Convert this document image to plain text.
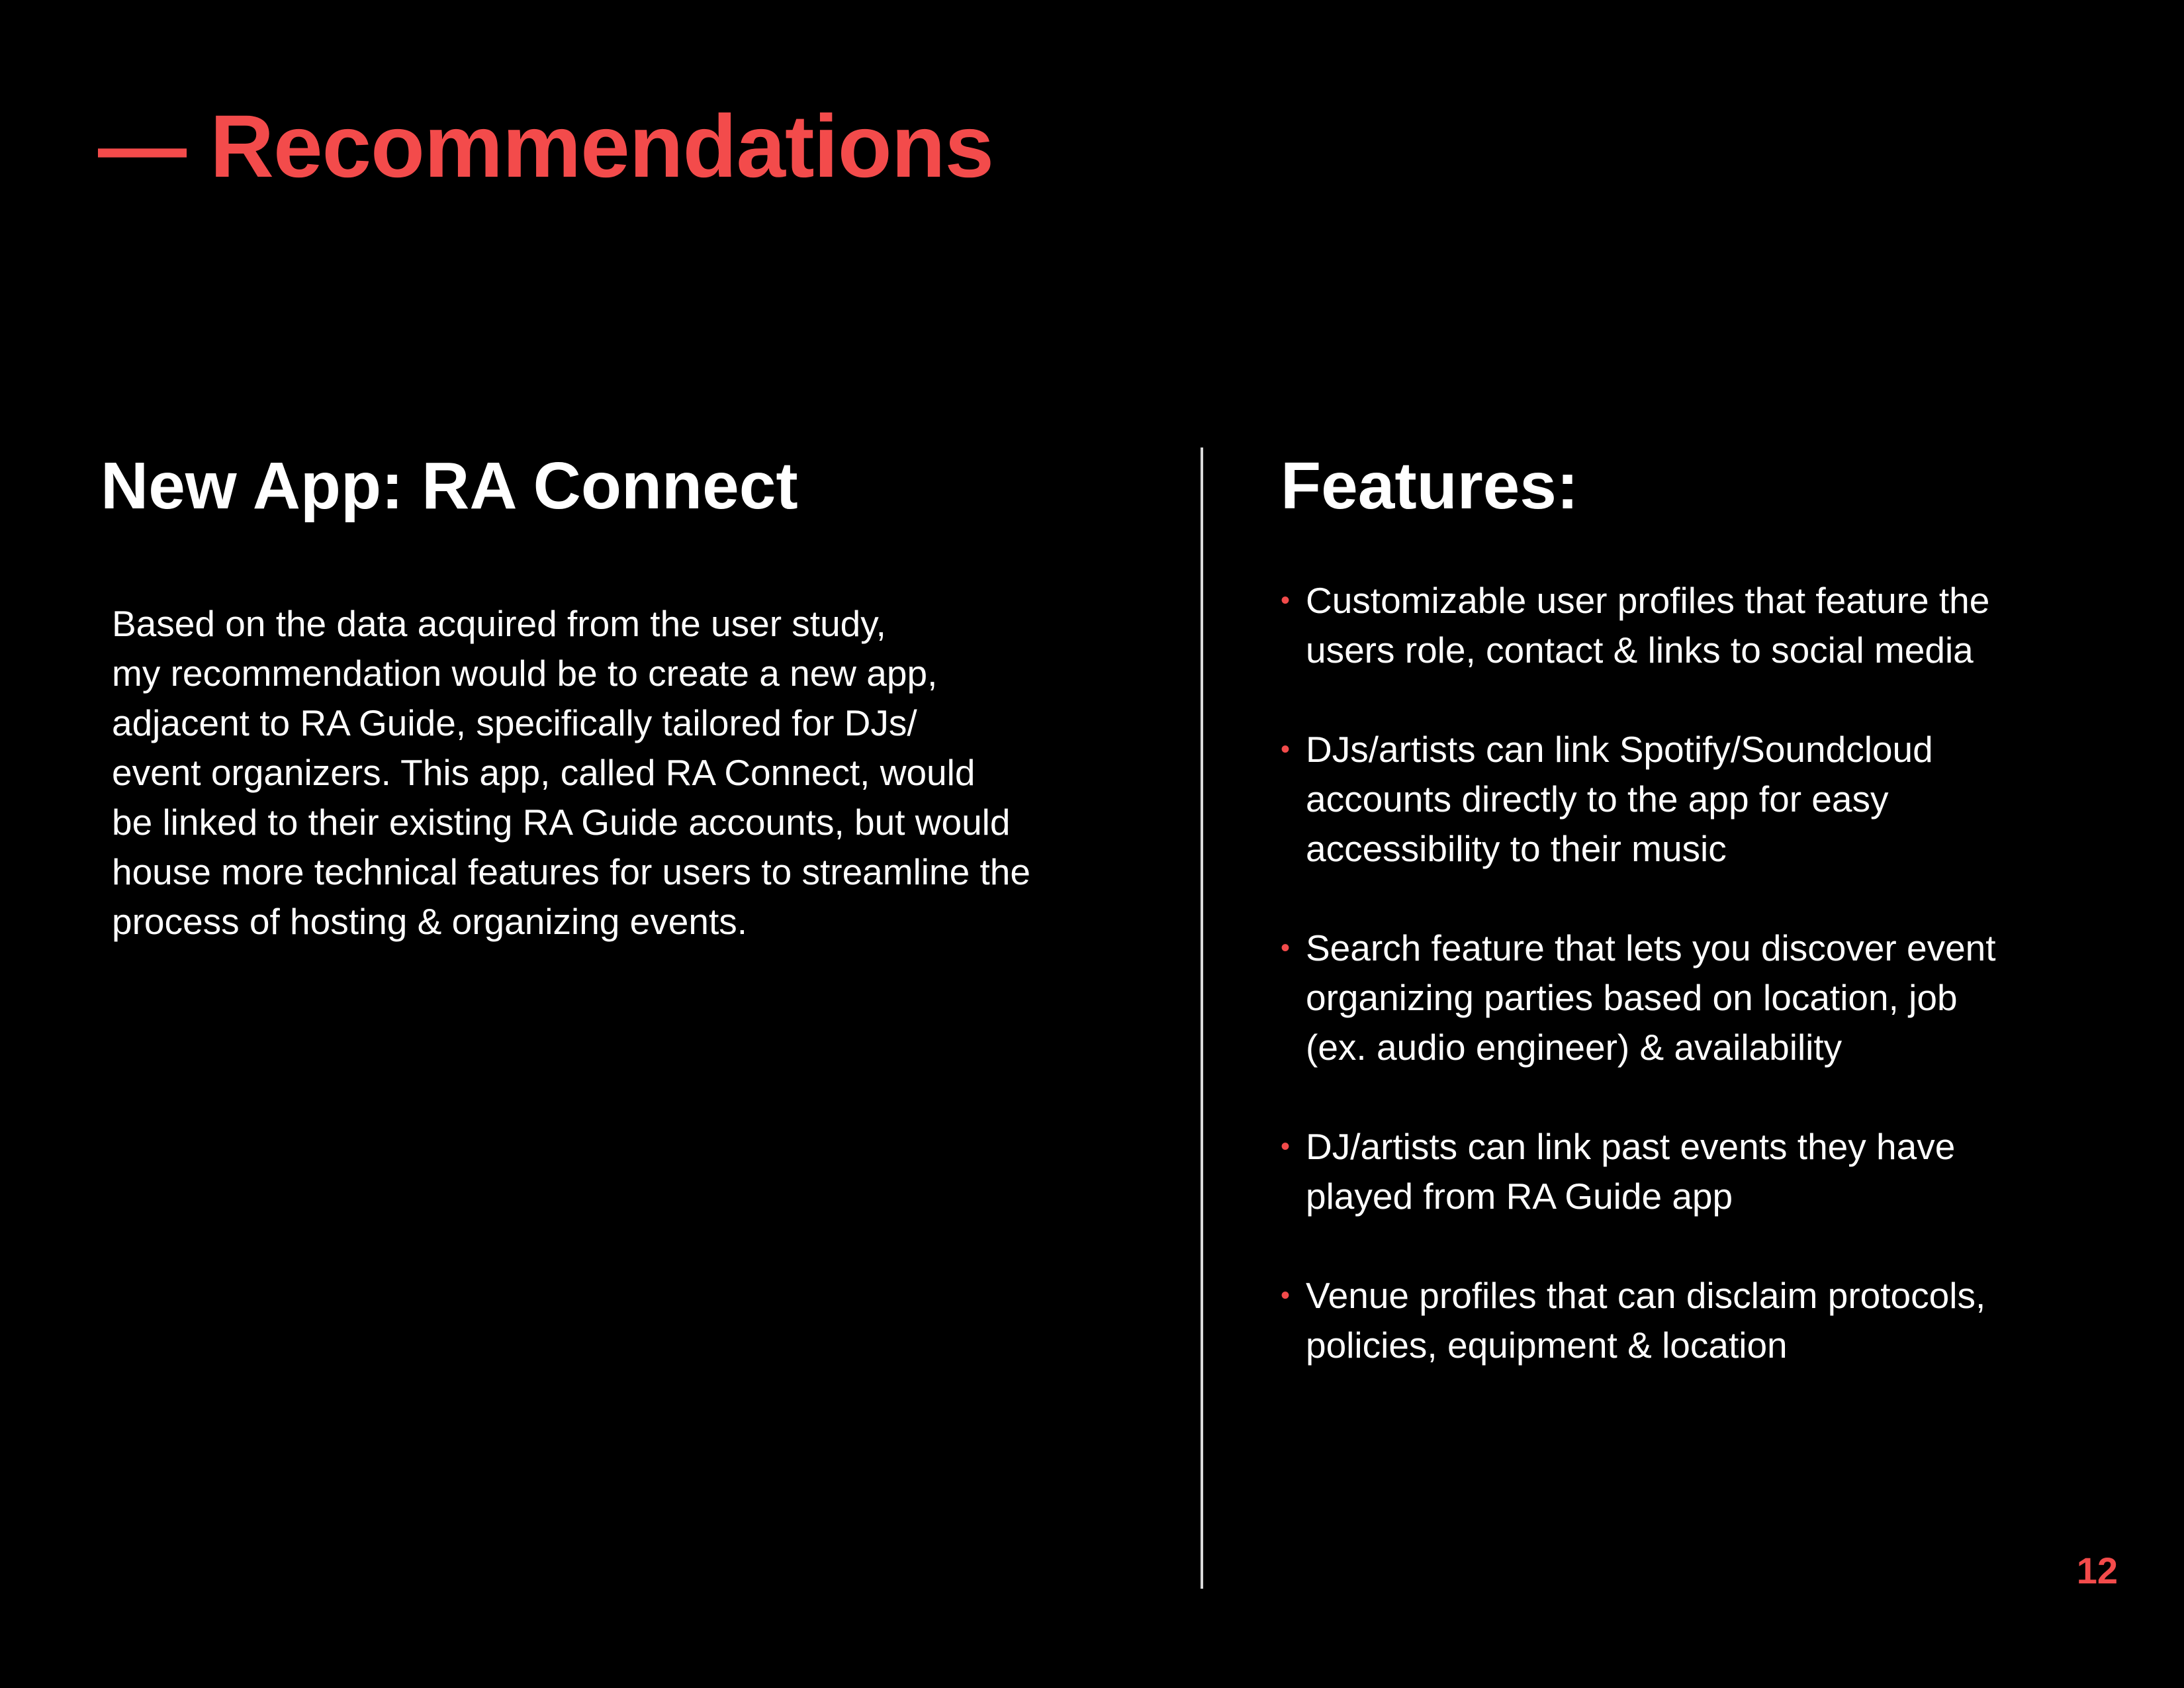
— Recommendations
New App: RA Connect

Based on the data acquired from the user study,
my recommendation would be to create a new app,
adjacent to RA Guide, specifically tailored for DJs/
event organizers. This app, called RA Connect, would
be linked to their existing RA Guide accounts, but would
house more technical features for users to streamline the
process of hosting & organizing events.

Features:
• Customizable user profiles that feature the
users role, contact & links to social media
• DJs/artists can link Spotify/Soundcloud
accounts directly to the app for easy
accessibility to their music
• Search feature that lets you discover event
organizing parties based on location, job
(ex. audio engineer) & availability
• DJ/artists can link past events they have
played from RA Guide app
• Venue profiles that can disclaim protocols,
policies, equipment & location
12
